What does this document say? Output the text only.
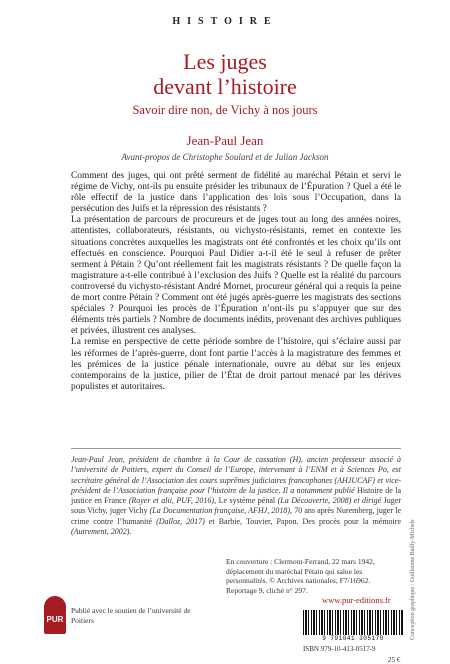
HISTOIRE
Les juges
devant l’histoire
Savoir dire non, de Vichy à nos jours
Jean-Paul Jean
Avant-propos de Christophe Soulard et de Julian Jackson

Comment des juges, qui ont prêté serment de fidélité au maréchal Pétain et servi le régime de Vichy, ont-ils pu ensuite présider les tribunaux de l’Épuration ? Quel a été le rôle effectif de la justice dans l’application des lois sous l’Occupation, dans la persécution des Juifs et la répression des résistants ?

La présentation de parcours de procureurs et de juges tout au long des années noires, attentistes, collaborateurs, résistants, ou vichysto-résistants, remet en contexte les situations concrètes auxquelles les magistrats ont été confrontés et les choix qu’ils ont effectués en conscience. Pourquoi Paul Didier a-t-il été le seul à refuser de prêter serment à Pétain ? Qu’ont réellement fait les magistrats résistants ? De quelle façon la magistrature a-t-elle contribué à l’exclusion des Juifs ? Quelle est la réalité du parcours controversé du vichysto-résistant André Mornet, procureur général qui a requis la peine de mort contre Pétain ? Comment ont été jugés après-guerre les magistrats des sections spéciales ? Pourquoi les procès de l’Épuration n’ont-ils pu s’appuyer que sur des éléments très partiels ? Nombre de documents inédits, provenant des archives publiques et privées, illustrent ces analyses.

La remise en perspective de cette période sombre de l’histoire, qui s’éclaire aussi par les réformes de l’après-guerre, dont font partie l’accès à la magistrature des femmes et les prémices de la justice pénale internationale, ouvre au débat sur les enjeux contemporains de la justice, pilier de l’État de droit partout menacé par les dérives populistes et autoritaires.

Jean-Paul Jean, président de chambre à la Cour de cassation (H), ancien professeur associé à l’université de Poitiers, expert du Conseil de l’Europe, intervenant à l’ENM et à Sciences Po, est secrétaire général de l’Association des cours suprêmes judiciaires francophones (AHJUCAF) et vice-président de l’Association française pour l’histoire de la justice. Il a notamment publié Histoire de la justice en France (Royer et alii, PUF, 2016), Le système pénal (La Découverte, 2008) et dirigé Juger sous Vichy, juger Vichy (La Documentation française, AFHJ, 2018), 70 ans après Nuremberg, juger le crime contre l’humanité (Dalloz, 2017) et Barbie, Touvier, Papon. Des procès pour la mémoire (Autrement, 2002).
En couverture : Clermont-Ferrand, 22 mars 1942, déplacement du maréchal Pétain qui salue les personnalités. © Archives nationales, F7/16962. Reportage 9, cliché n° 297.	Conception graphique : Guillaume Bailly-Michels
PUR
Publié avec le soutien de l’université de Poitiers
www.pur-editions.fr
9 791041 305179
ISBN 979-10-413-0517-9
25 €
